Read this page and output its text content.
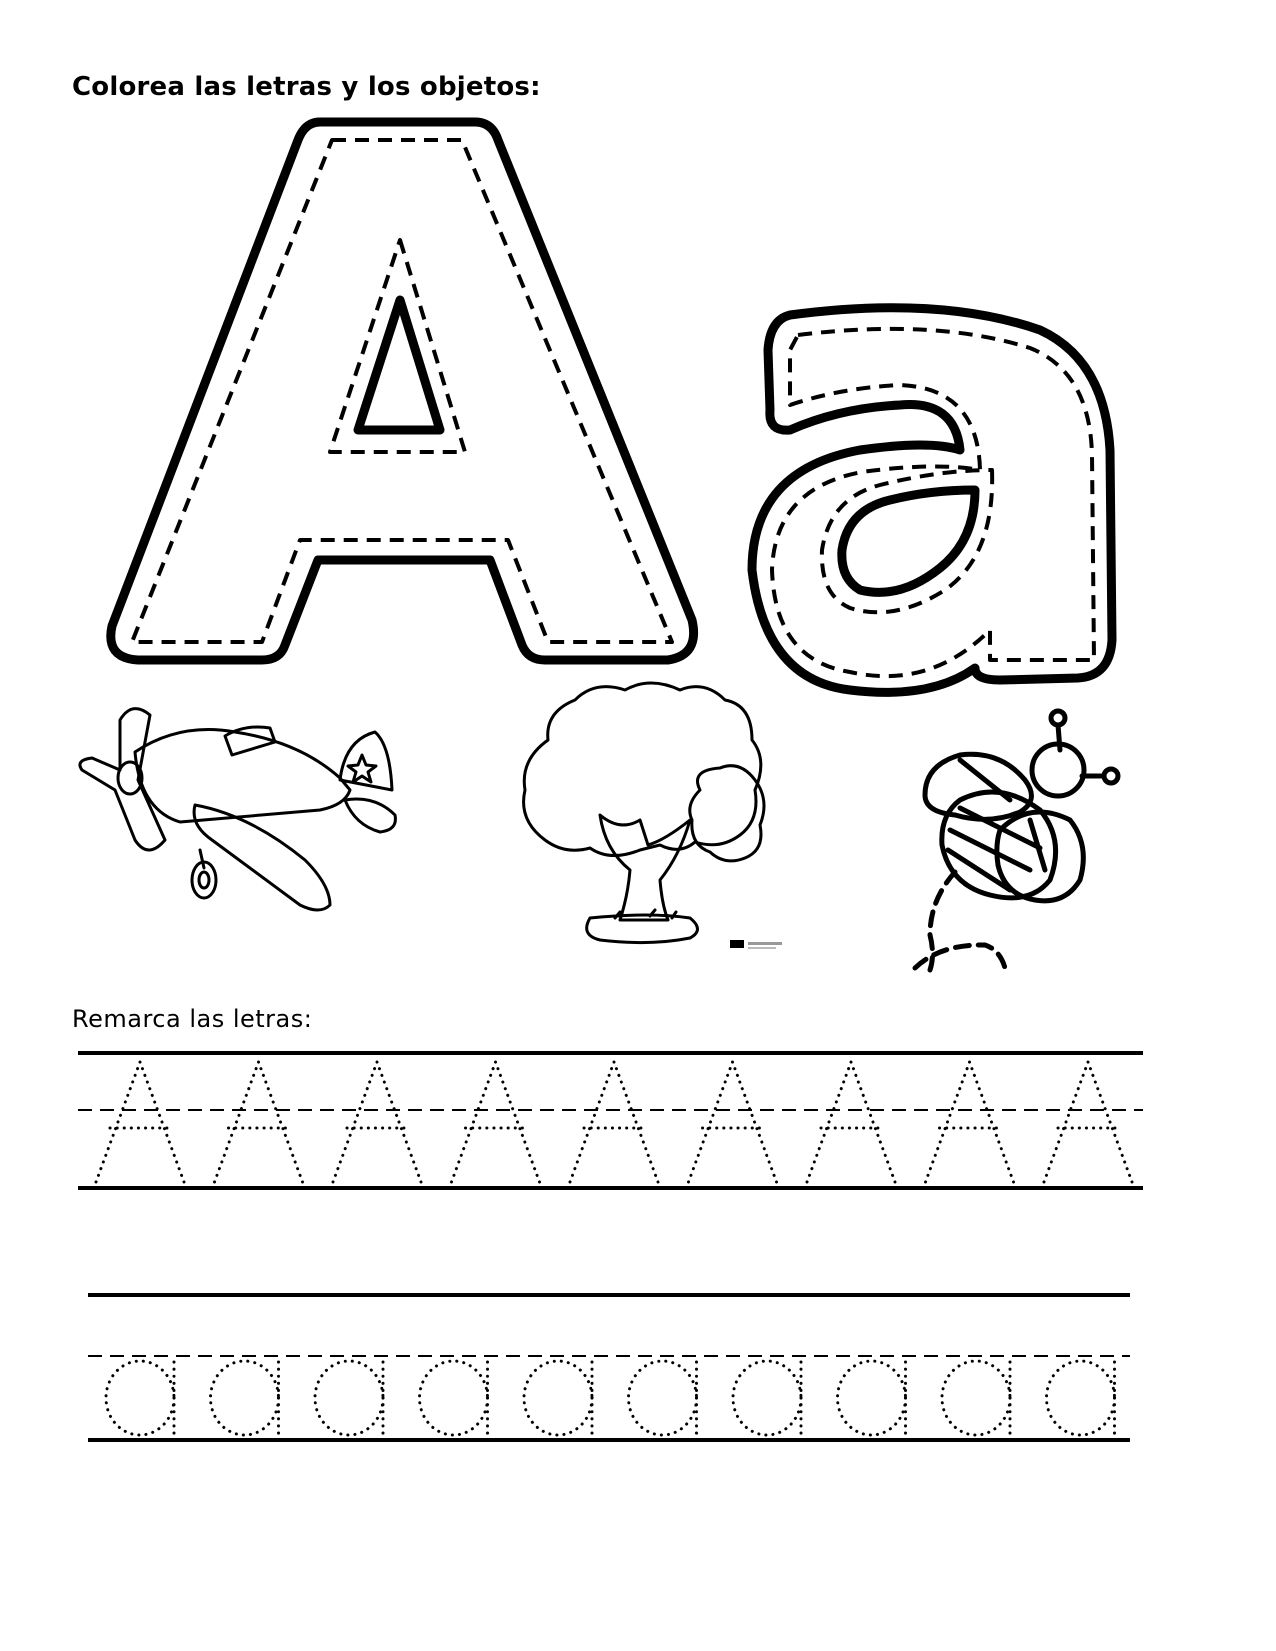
Colorea las letras y los objetos:
Remarca las letras:
